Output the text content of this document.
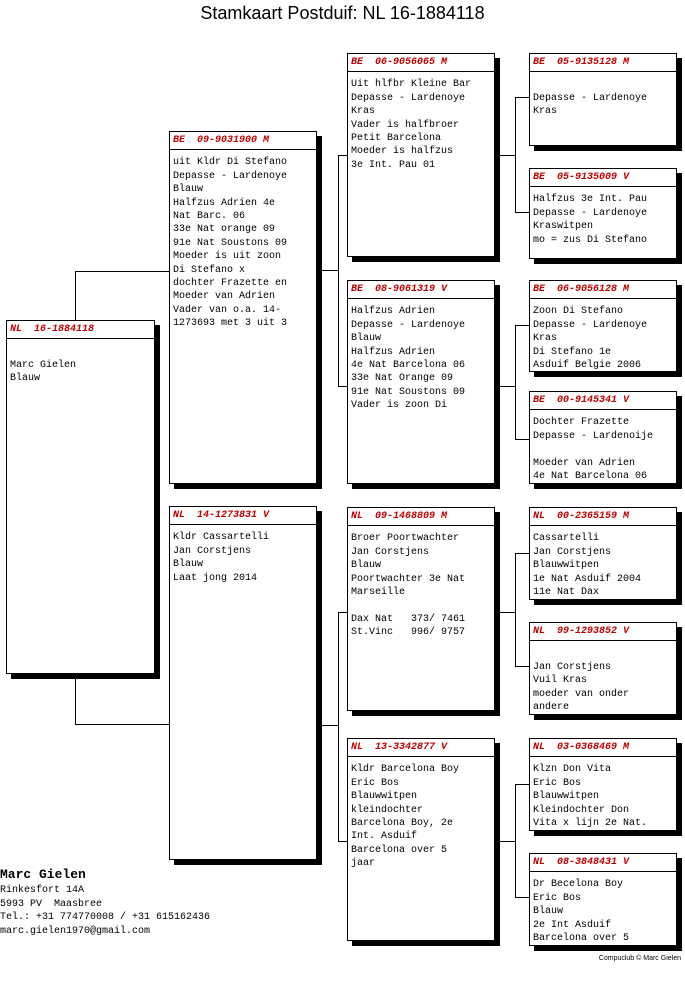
Stamkaart Postduif: NL 16-1884118
NL  16-1884118
Marc Gielen
Blauw
BE  09-9031900 M
uit Kldr Di Stefano
Depasse - Lardenoye
Blauw
Halfzus Adrien 4e
Nat Barc. 06
33e Nat orange 09
91e Nat Soustons 09
Moeder is uit zoon
Di Stefano x
dochter Frazette en
Moeder van Adrien
Vader van o.a. 14-
1273693 met 3 uit 3
NL  14-1273831 V
Kldr Cassartelli
Jan Corstjens
Blauw
Laat jong 2014
BE  06-9056065 M
Uit hlfbr Kleine Bar
Depasse - Lardenoye
Kras
Vader is halfbroer
Petit Barcelona
Moeder is halfzus
3e Int. Pau 01
BE  08-9061319 V
Halfzus Adrien
Depasse - Lardenoye
Blauw
Halfzus Adrien
4e Nat Barcelona 06
33e Nat Orange 09
91e Nat Soustons 09
Vader is zoon Di
NL  09-1468809 M
Broer Poortwachter
Jan Corstjens
Blauw
Poortwachter 3e Nat
Marseille
Dax Nat   373/ 7461
St.Vinc   996/ 9757
NL  13-3342877 V
Kldr Barcelona Boy
Eric Bos
Blauwwitpen
kleindochter
Barcelona Boy, 2e
Int. Asduif
Barcelona over 5
jaar
BE  05-9135128 M
Depasse - Lardenoye
Kras
BE  05-9135009 V
Halfzus 3e Int. Pau
Depasse - Lardenoye
Kraswitpen
mo = zus Di Stefano
BE  06-9056128 M
Zoon Di Stefano
Depasse - Lardenoye
Kras
Di Stefano 1e
Asduif Belgie 2006
BE  00-9145341 V
Dochter Frazette
Depasse - Lardenoije
Moeder van Adrien
4e Nat Barcelona 06
NL  00-2365159 M
Cassartelli
Jan Corstjens
Blauwwitpen
1e Nat Asduif 2004
11e Nat Dax
NL  99-1293852 V
Jan Corstjens
Vuil Kras
moeder van onder
andere
NL  03-0368469 M
Klzn Don Vita
Eric Bos
Blauwwitpen
Kleindochter Don
Vita x lijn 2e Nat.
NL  08-3848431 V
Dr Becelona Boy
Eric Bos
Blauw
2e Int Asduif
Barcelona over 5
Marc Gielen
Rinkesfort 14A
5993 PV  Maasbree
Tel.: +31 774770008 / +31 615162436
marc.gielen1970@gmail.com
Compuclub © Marc Gielen
